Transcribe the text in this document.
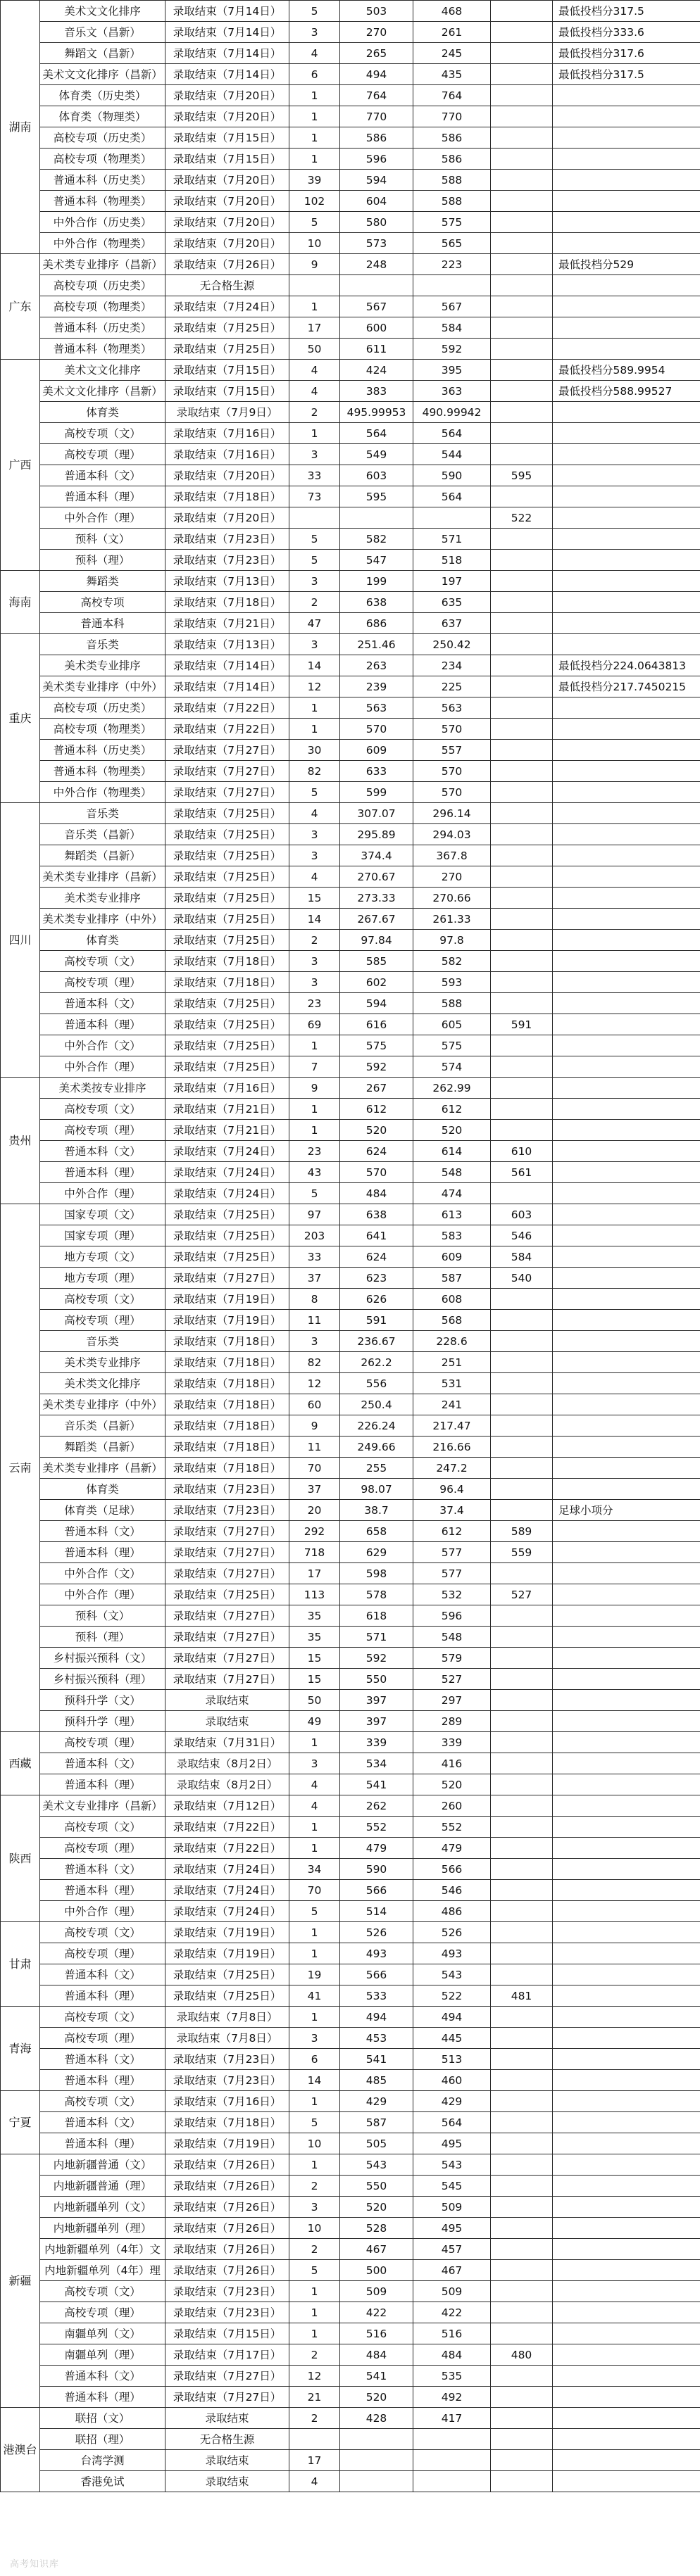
湖南	美术文文化排序	录取结束（7月14日）	5	503	468		最低投档分317.5
	音乐文（昌新）	录取结束（7月14日）	3	270	261		最低投档分333.6
	舞蹈文（昌新）	录取结束（7月14日）	4	265	245		最低投档分317.6
	美术文文化排序（昌新）	录取结束（7月14日）	6	494	435		最低投档分317.5
	体育类（历史类）	录取结束（7月20日）	1	764	764		
	体育类（物理类）	录取结束（7月20日）	1	770	770		
	高校专项（历史类）	录取结束（7月15日）	1	586	586		
	高校专项（物理类）	录取结束（7月15日）	1	596	586		
	普通本科（历史类）	录取结束（7月20日）	39	594	588		
	普通本科（物理类）	录取结束（7月20日）	102	604	588		
	中外合作（历史类）	录取结束（7月20日）	5	580	575		
	中外合作（物理类）	录取结束（7月20日）	10	573	565		
广东	美术类专业排序（昌新）	录取结束（7月26日）	9	248	223		最低投档分529
	高校专项（历史类）	无合格生源					
	高校专项（物理类）	录取结束（7月24日）	1	567	567		
	普通本科（历史类）	录取结束（7月25日）	17	600	584		
	普通本科（物理类）	录取结束（7月25日）	50	611	592		
广西	美术文文化排序	录取结束（7月15日）	4	424	395		最低投档分589.9954
	美术文文化排序（昌新）	录取结束（7月15日）	4	383	363		最低投档分588.99527
	体育类	录取结束（7月9日）	2	495.99953	490.99942		
	高校专项（文）	录取结束（7月16日）	1	564	564		
	高校专项（理）	录取结束（7月16日）	3	549	544		
	普通本科（文）	录取结束（7月20日）	33	603	590	595	
	普通本科（理）	录取结束（7月18日）	73	595	564		
	中外合作（理）	录取结束（7月20日）				522	
	预科（文）	录取结束（7月23日）	5	582	571		
	预科（理）	录取结束（7月23日）	5	547	518		
海南	舞蹈类	录取结束（7月13日）	3	199	197		
	高校专项	录取结束（7月18日）	2	638	635		
	普通本科	录取结束（7月21日）	47	686	637		
重庆	音乐类	录取结束（7月13日）	3	251.46	250.42		
	美术类专业排序	录取结束（7月14日）	14	263	234		最低投档分224.0643813
	美术类专业排序（中外）	录取结束（7月14日）	12	239	225		最低投档分217.7450215
	高校专项（历史类）	录取结束（7月22日）	1	563	563		
	高校专项（物理类）	录取结束（7月22日）	1	570	570		
	普通本科（历史类）	录取结束（7月27日）	30	609	557		
	普通本科（物理类）	录取结束（7月27日）	82	633	570		
	中外合作（物理类）	录取结束（7月27日）	5	599	570		
四川	音乐类	录取结束（7月25日）	4	307.07	296.14		
	音乐类（昌新）	录取结束（7月25日）	3	295.89	294.03		
	舞蹈类（昌新）	录取结束（7月25日）	3	374.4	367.8		
	美术类专业排序（昌新）	录取结束（7月25日）	4	270.67	270		
	美术类专业排序	录取结束（7月25日）	15	273.33	270.66		
	美术类专业排序（中外）	录取结束（7月25日）	14	267.67	261.33		
	体育类	录取结束（7月25日）	2	97.84	97.8		
	高校专项（文）	录取结束（7月18日）	3	585	582		
	高校专项（理）	录取结束（7月18日）	3	602	593		
	普通本科（文）	录取结束（7月25日）	23	594	588		
	普通本科（理）	录取结束（7月25日）	69	616	605	591	
	中外合作（文）	录取结束（7月25日）	1	575	575		
	中外合作（理）	录取结束（7月25日）	7	592	574		
贵州	美术类按专业排序	录取结束（7月16日）	9	267	262.99		
	高校专项（文）	录取结束（7月21日）	1	612	612		
	高校专项（理）	录取结束（7月21日）	1	520	520		
	普通本科（文）	录取结束（7月24日）	23	624	614	610	
	普通本科（理）	录取结束（7月24日）	43	570	548	561	
	中外合作（理）	录取结束（7月24日）	5	484	474		
云南	国家专项（文）	录取结束（7月25日）	97	638	613	603	
	国家专项（理）	录取结束（7月25日）	203	641	583	546	
	地方专项（文）	录取结束（7月25日）	33	624	609	584	
	地方专项（理）	录取结束（7月27日）	37	623	587	540	
	高校专项（文）	录取结束（7月19日）	8	626	608		
	高校专项（理）	录取结束（7月19日）	11	591	568		
	音乐类	录取结束（7月18日）	3	236.67	228.6		
	美术类专业排序	录取结束（7月18日）	82	262.2	251		
	美术类文化排序	录取结束（7月18日）	12	556	531		
	美术类专业排序（中外）	录取结束（7月18日）	60	250.4	241		
	音乐类（昌新）	录取结束（7月18日）	9	226.24	217.47		
	舞蹈类（昌新）	录取结束（7月18日）	11	249.66	216.66		
	美术类专业排序（昌新）	录取结束（7月18日）	70	255	247.2		
	体育类	录取结束（7月23日）	37	98.07	96.4		
	体育类（足球）	录取结束（7月23日）	20	38.7	37.4		足球小项分
	普通本科（文）	录取结束（7月27日）	292	658	612	589	
	普通本科（理）	录取结束（7月27日）	718	629	577	559	
	中外合作（文）	录取结束（7月27日）	17	598	577		
	中外合作（理）	录取结束（7月25日）	113	578	532	527	
	预科（文）	录取结束（7月27日）	35	618	596		
	预科（理）	录取结束（7月27日）	35	571	548		
	乡村振兴预科（文）	录取结束（7月27日）	15	592	579		
	乡村振兴预科（理）	录取结束（7月27日）	15	550	527		
	预科升学（文）	录取结束	50	397	297		
	预科升学（理）	录取结束	49	397	289		
西藏	高校专项（理）	录取结束（7月31日）	1	339	339		
	普通本科（文）	录取结束（8月2日）	3	534	416		
	普通本科（理）	录取结束（8月2日）	4	541	520		
陕西	美术文专业排序（昌新）	录取结束（7月12日）	4	262	260		
	高校专项（文）	录取结束（7月22日）	1	552	552		
	高校专项（理）	录取结束（7月22日）	1	479	479		
	普通本科（文）	录取结束（7月24日）	34	590	566		
	普通本科（理）	录取结束（7月24日）	70	566	546		
	中外合作（理）	录取结束（7月24日）	5	514	486		
甘肃	高校专项（文）	录取结束（7月19日）	1	526	526		
	高校专项（理）	录取结束（7月19日）	1	493	493		
	普通本科（文）	录取结束（7月25日）	19	566	543		
	普通本科（理）	录取结束（7月25日）	41	533	522	481	
青海	高校专项（文）	录取结束（7月8日）	1	494	494		
	高校专项（理）	录取结束（7月8日）	3	453	445		
	普通本科（文）	录取结束（7月23日）	6	541	513		
	普通本科（理）	录取结束（7月23日）	14	485	460		
宁夏	高校专项（文）	录取结束（7月16日）	1	429	429		
	普通本科（文）	录取结束（7月18日）	5	587	564		
	普通本科（理）	录取结束（7月19日）	10	505	495		
新疆	内地新疆普通（文）	录取结束（7月26日）	1	543	543		
	内地新疆普通（理）	录取结束（7月26日）	2	550	545		
	内地新疆单列（文）	录取结束（7月26日）	3	520	509		
	内地新疆单列（理）	录取结束（7月26日）	10	528	495		
	内地新疆单列（4年）文	录取结束（7月26日）	2	467	457		
	内地新疆单列（4年）理	录取结束（7月26日）	5	500	467		
	高校专项（文）	录取结束（7月23日）	1	509	509		
	高校专项（理）	录取结束（7月23日）	1	422	422		
	南疆单列（文）	录取结束（7月15日）	1	516	516		
	南疆单列（理）	录取结束（7月17日）	2	484	484	480	
	普通本科（文）	录取结束（7月27日）	12	541	535		
	普通本科（理）	录取结束（7月27日）	21	520	492		
港澳台	联招（文）	录取结束	2	428	417		
	联招（理）	无合格生源					
	台湾学测	录取结束	17				
	香港免试	录取结束	4				
高考知识库
